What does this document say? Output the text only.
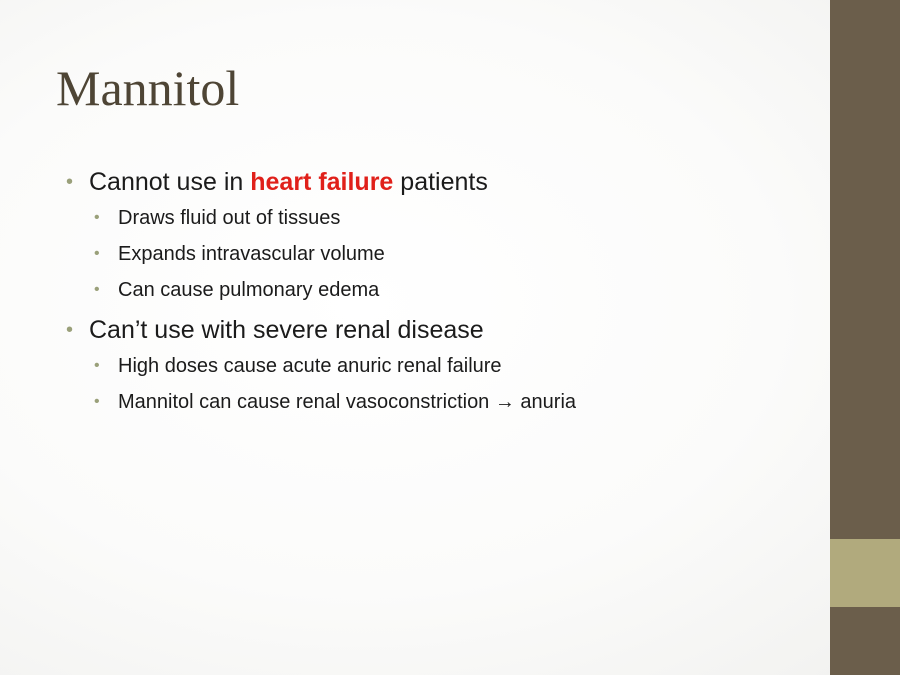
Mannitol
• Cannot use in heart failure patients
• Draws fluid out of tissues
• Expands intravascular volume
• Can cause pulmonary edema
• Can’t use with severe renal disease
• High doses cause acute anuric renal failure
• Mannitol can cause renal vasoconstriction → anuria
